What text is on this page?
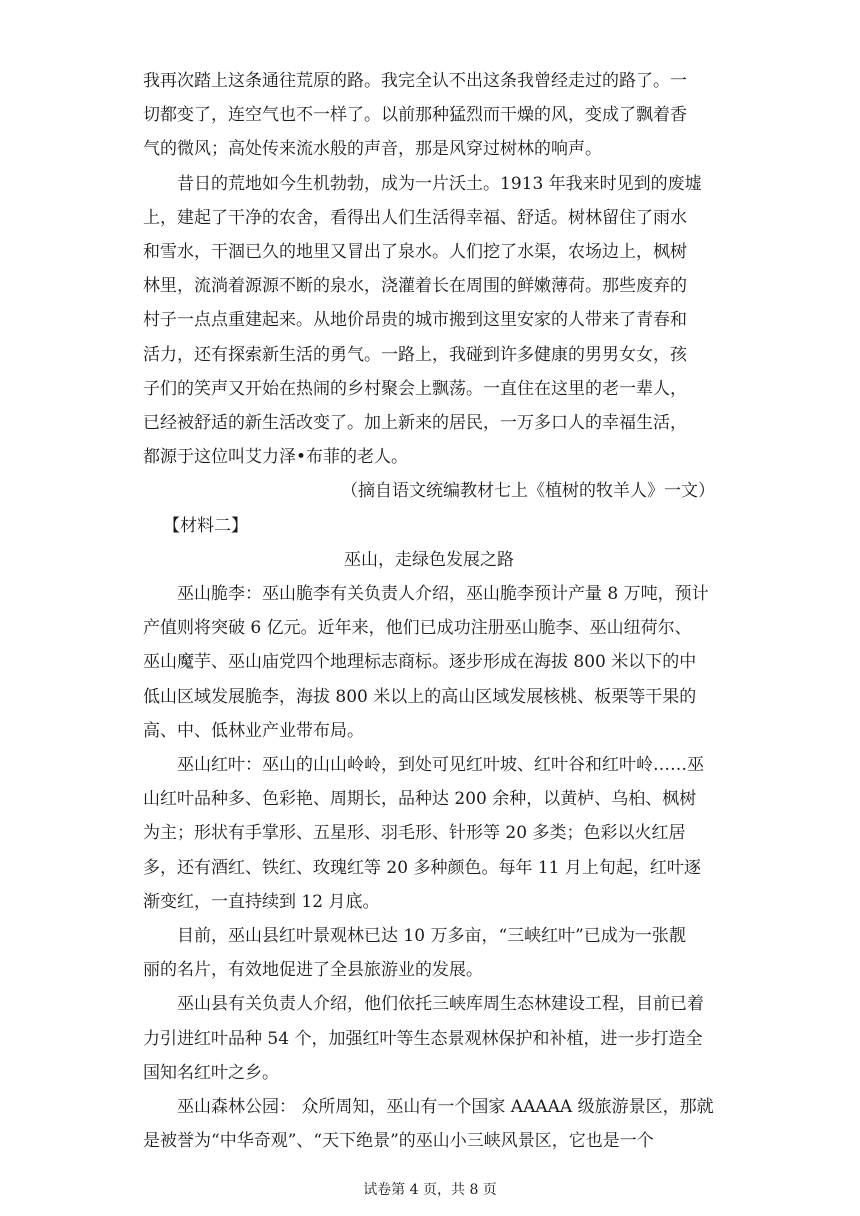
我再次踏上这条通往荒原的路。我完全认不出这条我曾经走过的路了。一
切都变了，连空气也不一样了。以前那种猛烈而干燥的风，变成了飘着香
气的微风；高处传来流水般的声音，那是风穿过树林的响声。

昔日的荒地如今生机勃勃，成为一片沃土。1913 年我来时见到的废墟
上，建起了干净的农舍，看得出人们生活得幸福、舒适。树林留住了雨水
和雪水，干涸已久的地里又冒出了泉水。人们挖了水渠，农场边上，枫树
林里，流淌着源源不断的泉水，浇灌着长在周围的鲜嫩薄荷。那些废弃的
村子一点点重建起来。从地价昂贵的城市搬到这里安家的人带来了青春和
活力，还有探索新生活的勇气。一路上，我碰到许多健康的男男女女，孩
子们的笑声又开始在热闹的乡村聚会上飘荡。一直住在这里的老一辈人，
已经被舒适的新生活改变了。加上新来的居民，一万多口人的幸福生活，
都源于这位叫艾力泽•布菲的老人。

（摘自语文统编教材七上《植树的牧羊人》一文）

【材料二】

巫山，走绿色发展之路

巫山脆李：巫山脆李有关负责人介绍，巫山脆李预计产量 8 万吨，预计
产值则将突破 6 亿元。近年来，他们已成功注册巫山脆李、巫山纽荷尔、
巫山魔芋、巫山庙党四个地理标志商标。逐步形成在海拔 800 米以下的中
低山区域发展脆李，海拔 800 米以上的高山区域发展核桃、板栗等干果的
高、中、低林业产业带布局。

巫山红叶：巫山的山山岭岭，到处可见红叶坡、红叶谷和红叶岭……巫
山红叶品种多、色彩艳、周期长，品种达 200 余种，以黄栌、乌桕、枫树
为主；形状有手掌形、五星形、羽毛形、针形等 20 多类；色彩以火红居
多，还有酒红、铁红、玫瑰红等 20 多种颜色。每年 11 月上旬起，红叶逐
渐变红，一直持续到 12 月底。

目前，巫山县红叶景观林已达 10 万多亩，“三峡红叶”已成为一张靓
丽的名片，有效地促进了全县旅游业的发展。

巫山县有关负责人介绍，他们依托三峡库周生态林建设工程，目前已着
力引进红叶品种 54 个，加强红叶等生态景观林保护和补植，进一步打造全
国知名红叶之乡。

巫山森林公园： 众所周知，巫山有一个国家 AAAAA 级旅游景区，那就
是被誉为“中华奇观”、“天下绝景”的巫山小三峡风景区，它也是一个

试卷第 4 页，共 8 页
